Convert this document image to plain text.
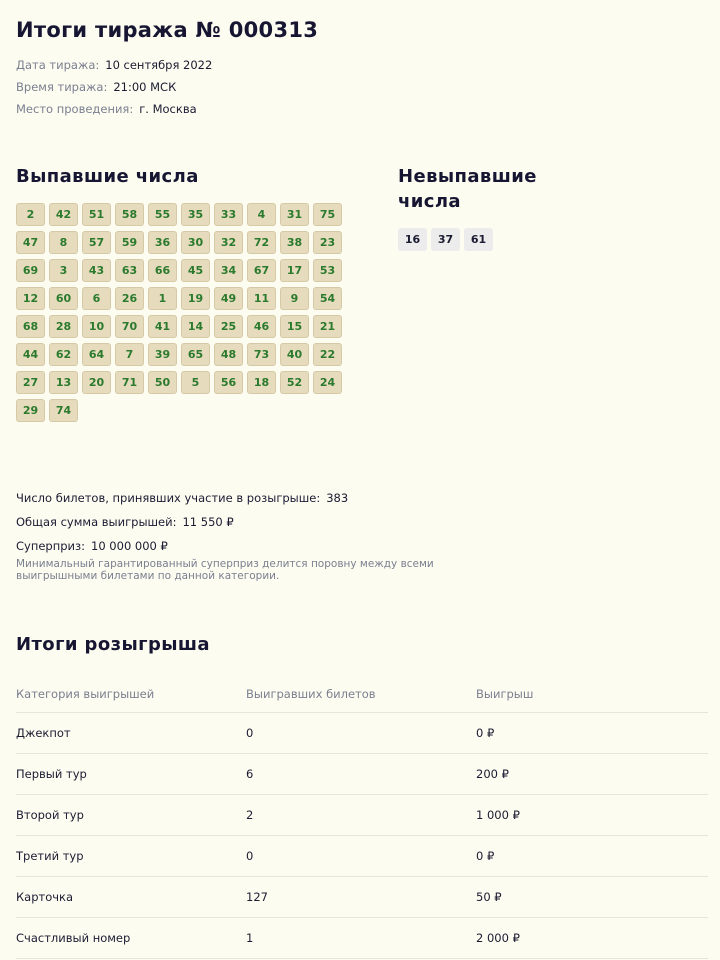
Итоги тиража № 000313
Дата тиража: 10 сентября 2022
Время тиража: 21:00 МСК
Место проведения: г. Москва
Выпавшие числа
2	42	51	58	55	35	33	4	31	75
47	8	57	59	36	30	32	72	38	23
69	3	43	63	66	45	34	67	17	53
12	60	6	26	1	19	49	11	9	54
68	28	10	70	41	14	25	46	15	21
44	62	64	7	39	65	48	73	40	22
27	13	20	71	50	5	56	18	52	24
29	74
Невыпавшие числа
16	37	61
Число билетов, принявших участие в розыгрыше: 383
Общая сумма выигрышей: 11 550 ₽
Суперприз: 10 000 000 ₽
Минимальный гарантированный суперприз делится поровну между всеми выигрышными билетами по данной категории.
Итоги розыгрыша
Категория выигрышей	Выигравших билетов	Выигрыш
Джекпот	0	0 ₽
Первый тур	6	200 ₽
Второй тур	2	1 000 ₽
Третий тур	0	0 ₽
Карточка	127	50 ₽
Счастливый номер	1	2 000 ₽
